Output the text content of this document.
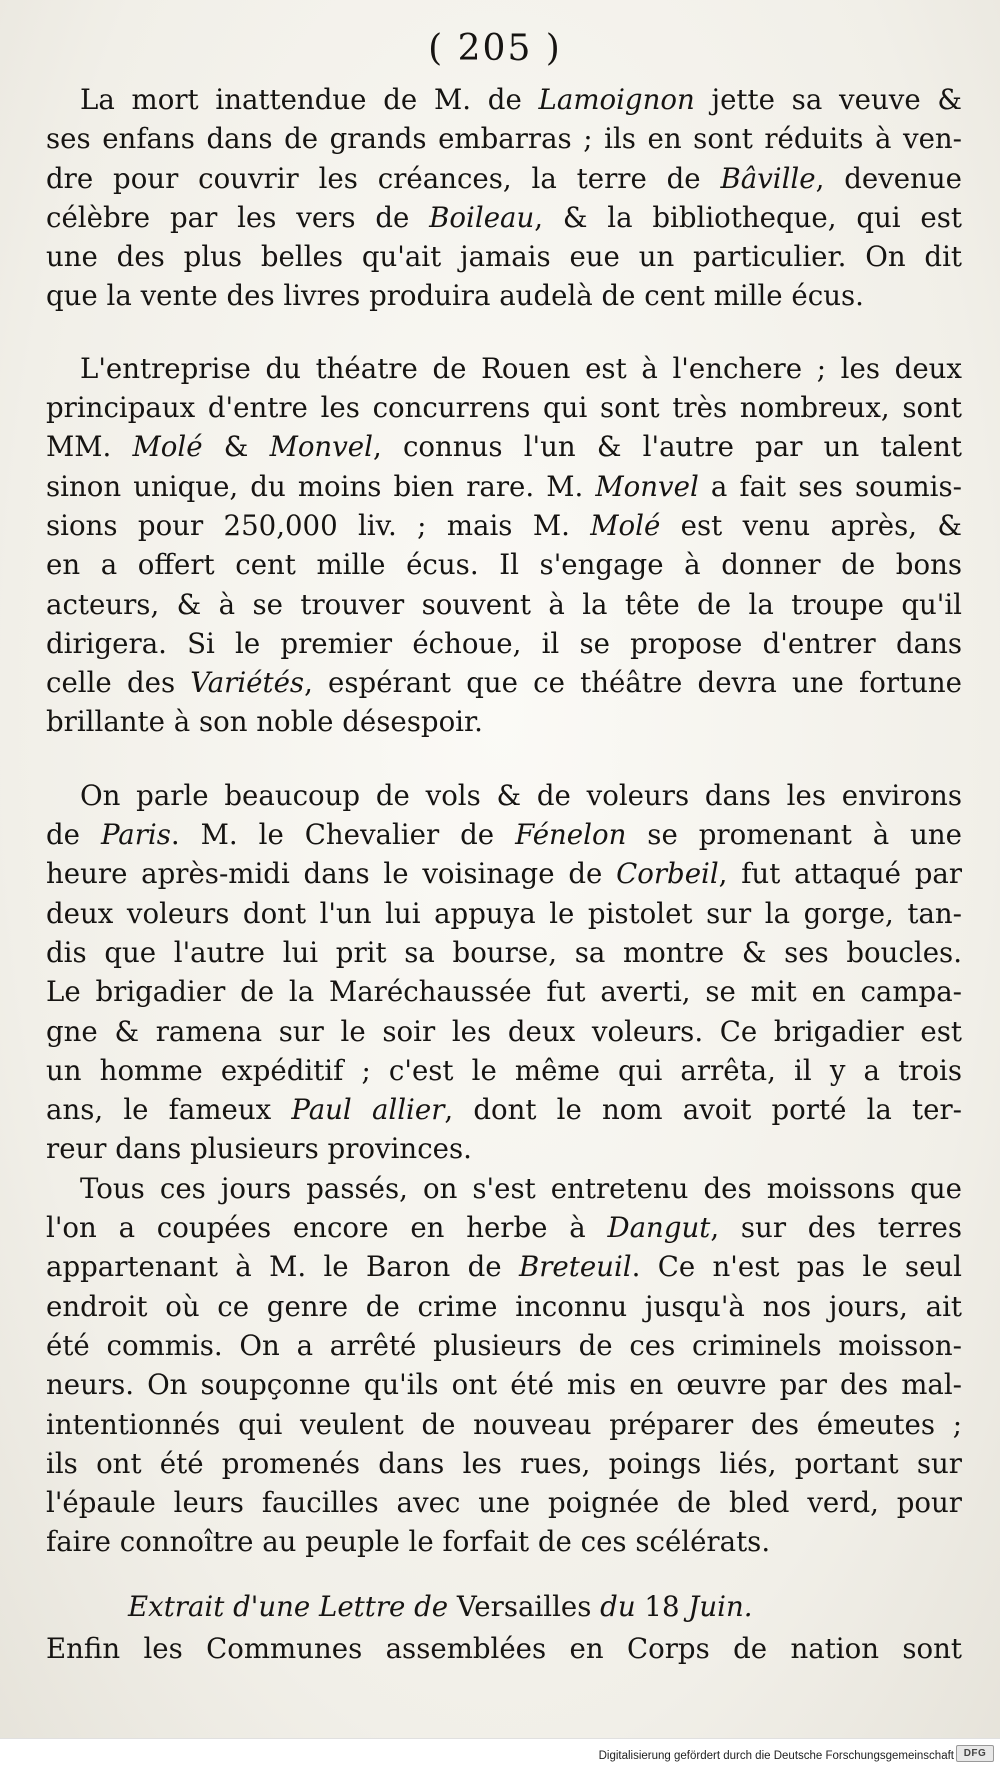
( 205 )
La mort inattendue de M. de Lamoignon jette sa veuve &
ses enfans dans de grands embarras ; ils en sont réduits à ven-
dre pour couvrir les créances, la terre de Bâville, devenue
célèbre par les vers de Boileau, & la bibliotheque, qui est
une des plus belles qu'ait jamais eue un particulier. On dit
que la vente des livres produira audelà de cent mille écus.
L'entreprise du théatre de Rouen est à l'enchere ; les deux
principaux d'entre les concurrens qui sont très nombreux, sont
MM. Molé & Monvel, connus l'un & l'autre par un talent
sinon unique, du moins bien rare. M. Monvel a fait ses soumis-
sions pour 250,000 liv. ; mais M. Molé est venu après, &
en a offert cent mille écus. Il s'engage à donner de bons
acteurs, & à se trouver souvent à la tête de la troupe qu'il
dirigera. Si le premier échoue, il se propose d'entrer dans
celle des Variétés, espérant que ce théâtre devra une fortune
brillante à son noble désespoir.
On parle beaucoup de vols & de voleurs dans les environs
de Paris. M. le Chevalier de Fénelon se promenant à une
heure après-midi dans le voisinage de Corbeil, fut attaqué par
deux voleurs dont l'un lui appuya le pistolet sur la gorge, tan-
dis que l'autre lui prit sa bourse, sa montre & ses boucles.
Le brigadier de la Maréchaussée fut averti, se mit en campa-
gne & ramena sur le soir les deux voleurs. Ce brigadier est
un homme expéditif ; c'est le même qui arrêta, il y a trois
ans, le fameux Paul allier, dont le nom avoit porté la ter-
reur dans plusieurs provinces.
Tous ces jours passés, on s'est entretenu des moissons que
l'on a coupées encore en herbe à Dangut, sur des terres
appartenant à M. le Baron de Breteuil. Ce n'est pas le seul
endroit où ce genre de crime inconnu jusqu'à nos jours, ait
été commis. On a arrêté plusieurs de ces criminels moisson-
neurs. On soupçonne qu'ils ont été mis en œuvre par des mal-
intentionnés qui veulent de nouveau préparer des émeutes ;
ils ont été promenés dans les rues, poings liés, portant sur
l'épaule leurs faucilles avec une poignée de bled verd, pour
faire connoître au peuple le forfait de ces scélérats.
Extrait d'une Lettre de Versailles du 18 Juin.
Enfin les Communes assemblées en Corps de nation sont
Digitalisierung gefördert durch die Deutsche Forschungsgemeinschaft DFG
